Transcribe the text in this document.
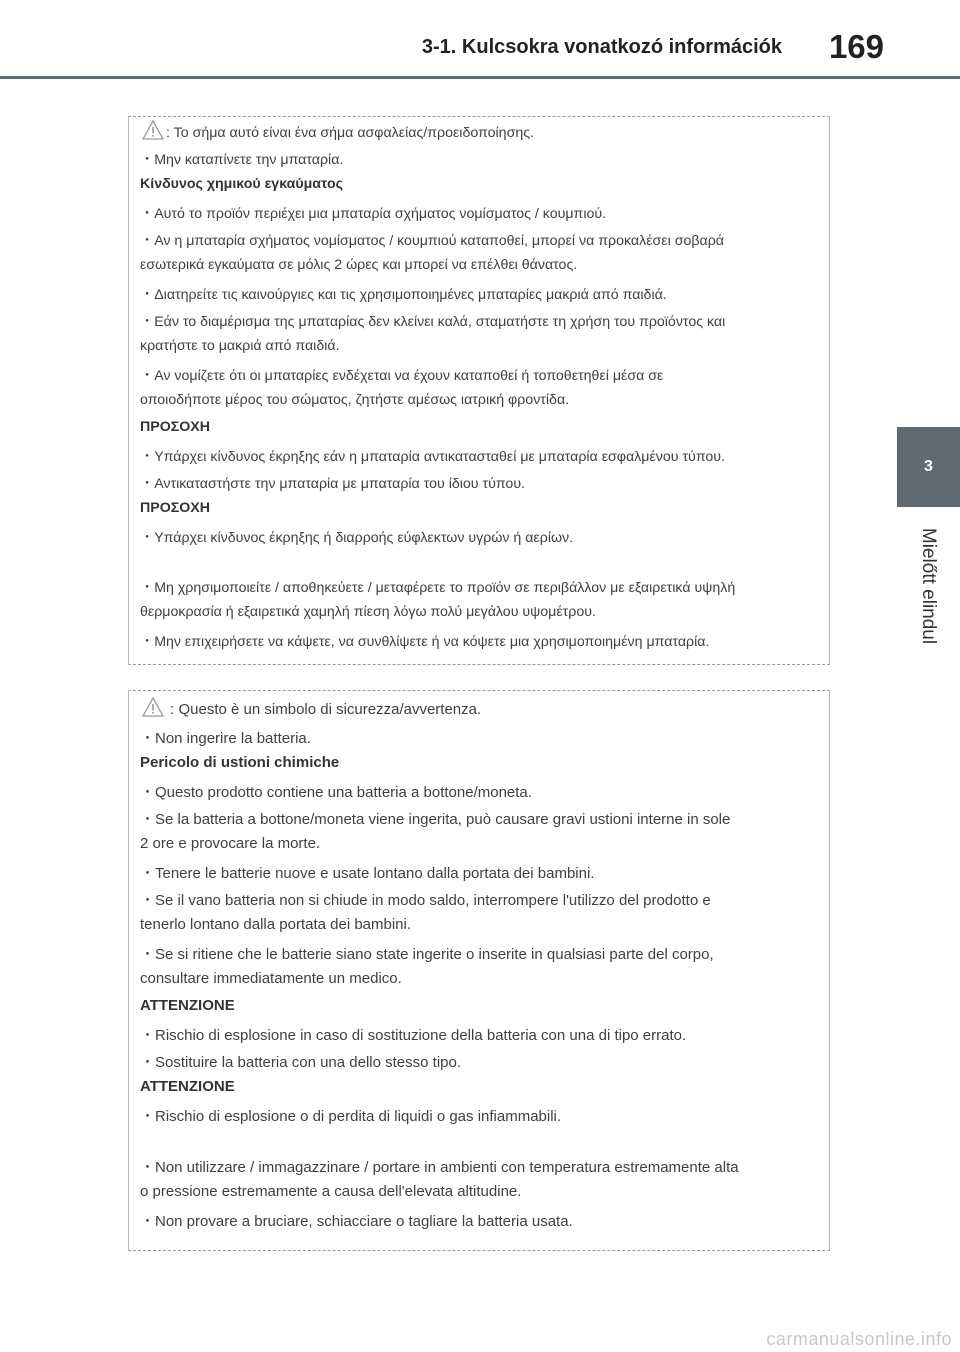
3-1. Kulcsokra vonatkozó információk 169
3
Mielőtt elindul
: Το σήμα αυτό είναι ένα σήμα ασφαλείας/προειδοποίησης.
・Μην καταπίνετε την μπαταρία.
Κίνδυνος χημικού εγκαύματος
・Αυτό το προϊόν περιέχει μια μπαταρία σχήματος νομίσματος / κουμπιού.
・Αν η μπαταρία σχήματος νομίσματος / κουμπιού καταποθεί, μπορεί να προκαλέσει σοβαρά
εσωτερικά εγκαύματα σε μόλις 2 ώρες και μπορεί να επέλθει θάνατος.
・Διατηρείτε τις καινούργιες και τις χρησιμοποιημένες μπαταρίες μακριά από παιδιά.
・Εάν το διαμέρισμα της μπαταρίας δεν κλείνει καλά, σταματήστε τη χρήση του προϊόντος και
κρατήστε το μακριά από παιδιά.
・Αν νομίζετε ότι οι μπαταρίες ενδέχεται να έχουν καταποθεί ή τοποθετηθεί μέσα σε
οποιοδήποτε μέρος του σώματος, ζητήστε αμέσως ιατρική φροντίδα.
ΠΡΟΣΟΧΗ
・Υπάρχει κίνδυνος έκρηξης εάν η μπαταρία αντικατασταθεί με μπαταρία εσφαλμένου τύπου.
・Αντικαταστήστε την μπαταρία με μπαταρία του ίδιου τύπου.
ΠΡΟΣΟΧΗ
・Υπάρχει κίνδυνος έκρηξης ή διαρροής εύφλεκτων υγρών ή αερίων.
・Μη χρησιμοποιείτε / αποθηκεύετε / μεταφέρετε το προϊόν σε περιβάλλον με εξαιρετικά υψηλή
θερμοκρασία ή εξαιρετικά χαμηλή πίεση λόγω πολύ μεγάλου υψομέτρου.
・Μην επιχειρήσετε να κάψετε, να συνθλίψετε ή να κόψετε μια χρησιμοποιημένη μπαταρία.
: Questo è un simbolo di sicurezza/avvertenza.
・Non ingerire la batteria.
Pericolo di ustioni chimiche
・Questo prodotto contiene una batteria a bottone/moneta.
・Se la batteria a bottone/moneta viene ingerita, può causare gravi ustioni interne in sole
2 ore e provocare la morte.
・Tenere le batterie nuove e usate lontano dalla portata dei bambini.
・Se il vano batteria non si chiude in modo saldo, interrompere l'utilizzo del prodotto e
tenerlo lontano dalla portata dei bambini.
・Se si ritiene che le batterie siano state ingerite o inserite in qualsiasi parte del corpo,
consultare immediatamente un medico.
ATTENZIONE
・Rischio di esplosione in caso di sostituzione della batteria con una di tipo errato.
・Sostituire la batteria con una dello stesso tipo.
ATTENZIONE
・Rischio di esplosione o di perdita di liquidi o gas infiammabili.
・Non utilizzare / immagazzinare / portare in ambienti con temperatura estremamente alta
o pressione estremamente a causa dell'elevata altitudine.
・Non provare a bruciare, schiacciare o tagliare la batteria usata.
carmanualsonline.info
